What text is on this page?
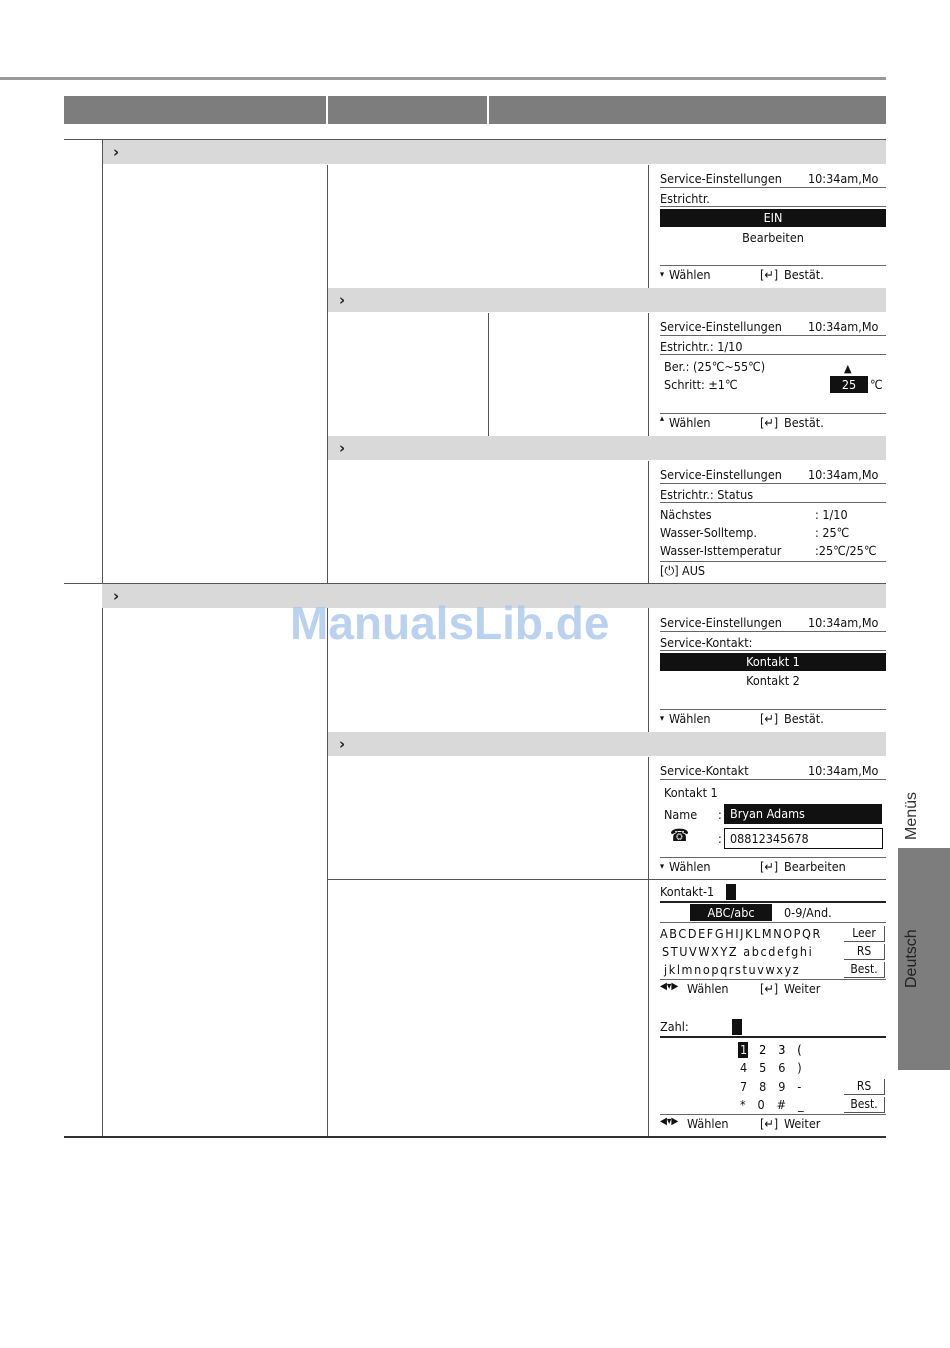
›
›
›
›
›
Service-Einstellungen 10:34am,Mo
Estrichtr.
EIN
Bearbeiten
▾ Wählen	[↵] Bestät.
Service-Einstellungen 10:34am,Mo
Estrichtr.: 1/10
Ber.: (25℃~55℃)
Schritt: ±1℃
▲
25	℃
▴ Wählen	[↵] Bestät.
Service-Einstellungen 10:34am,Mo
Estrichtr.: Status
Nächstes	: 1/10
Wasser-Solltemp.	: 25℃
Wasser-Isttemperatur	:25℃/25℃
[⏻] AUS
Service-Einstellungen 10:34am,Mo
Service-Kontakt:
Kontakt 1
Kontakt 2
▾ Wählen	[↵] Bestät.
Service-Kontakt	10:34am,Mo
Kontakt 1
Name : Bryan Adams
☎ : 08812345678
▾ Wählen	[↵] Bearbeiten
Kontakt-1
ABC/abc	0-9/And.
ABCDEFGHIJKLMNOPQR
STUVWXYZ abcdefghi
jklmnopqrstuvwxyz
Leer
RS
Best.
◀▾▶ Wählen	[↵] Weiter
Zahl:
1  2  3  (
4  5  6  )
7  8  9  -
*  0  #  _
RS
Best.
◀▾▶ Wählen	[↵] Weiter
ManualsLib.de
Menüs
Deutsch
